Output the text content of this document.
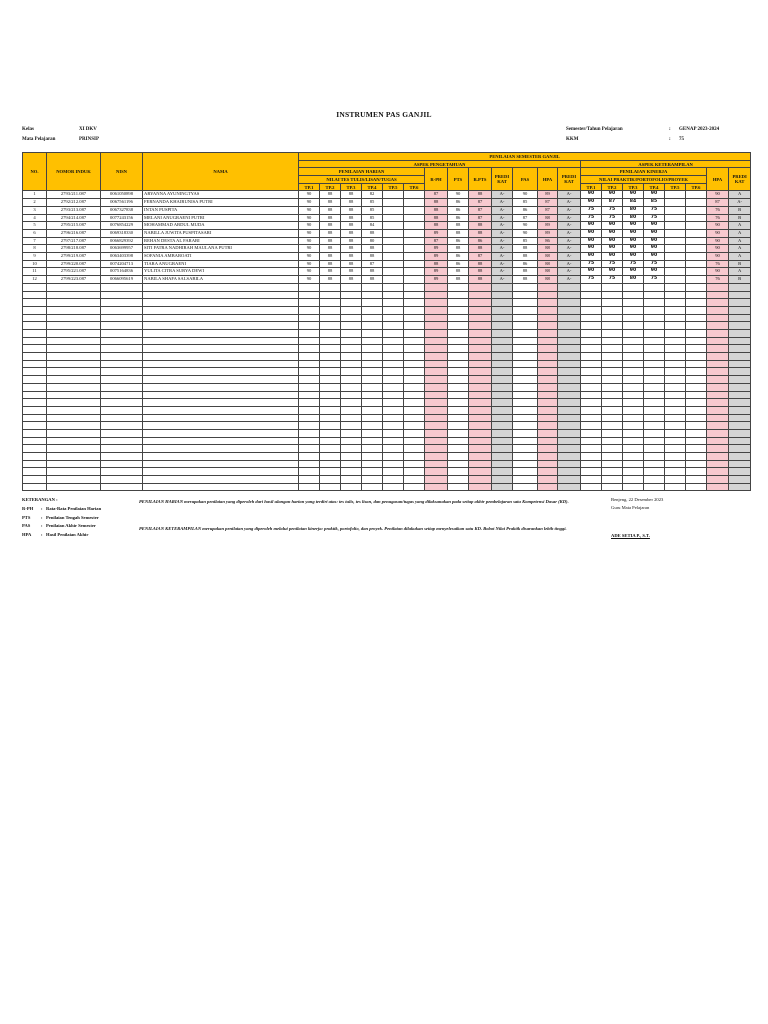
INSTRUMEN PAS GANJIL
Kelas	XI DKV
Mata Pelajaran	PRINSIP
Semester/Tahun Pelajaran	: GENAP 2023-2024
KKM	: 75
NO.	NOMOR INDUK	NISN	NAMA	PENILAIAN SEMESTER GANJIL																				
				ASPEK PENGETAHUAN													ASPEK KETERAMPILAN							
				PENILAIAN HARIAN						R-PH	PTS	R.PTS	PREDI KAT	PAS	HPA	PREDI KAT	PENILAIAN KINERJA						HPA	PREDI KAT
				NILAI TES TULIS/LISAN/TUGAS													NILAI PRAKTIK/PORTOFOLIO/PROYEK							
				TP.1	TP.2	TP.3	TP.4	TP.5	TP.6								TP.1	TP.2	TP.3	TP.4	TP.5	TP.6		
1	2793/211.087	0061050898	ARYANNA AYUNINGTYAS	90	88	88	82			87	90	88	A-	90	89	A-	90	90	90	90			90	A
2	2792/212.087	0067561196	FERNANDA KHAIRUNISA PUTRI	90	88	88	85			88	86	87	A-	85	87	A-	90	87	84	85			87	A-
3	2793/213.087	0067327838	INTAN PUSPITA	90	88	88	85			88	86	87	A-	86	87	A-	75	75	80	75			76	B
4	2794/214.087	0077243156	MELANI ANUGRAENI PUTRI	90	88	88	85			88	86	87	A-	87	88	A-	75	75	80	75			76	B
5	2795/215.087	0076854229	MOHAMMAD ABDUL MUDA	90	88	88	84			88	88	88	A-	90	89	A-	90	90	90	90			90	A
6	2796/216.087	0069318330	NABILLA JUWITA PUSPITASARI	90	88	88	88			89	88	88	A-	90	89	A-	90	90	90	90			90	A
7	2797/217.087	0066829392	REHAN DESTA AL FARABI	90	88	88	80			87	86	86	A-	85	86	A-	90	90	90	90			90	A
8	2798/218.087	0063699957	SITI FATRA NADHIRAH MAULANA PUTRI	90	88	88	88			89	88	88	A-	88	88	A-	90	90	90	90			90	A
9	2799/219.087	0063403398	SOFANIA AMBAROATI	90	88	88	88			89	86	87	A-	88	88	A-	90	90	90	90			90	A
10	2799/220.087	0074204713	TIARA ANUGRAENI	90	88	88	87			88	86	88	A-	86	88	A-	75	75	75	75			76	B
11	2795/221.087	0075164836	YULITA CITRA SURYA DEWI	90	88	88	88			89	88	88	A-	88	88	A-	90	90	90	90			90	A
12	2799/223.087	0066095619	NABILA SHAFA SALSABILA	90	88	88	88			89	88	88	A-	88	88	A-	75	75	80	75			76	B

KETERANGAN :
R-PH : Rata-Rata Penilaian Harian
PTS : Penilaian Tengah Semester
PAS : Penilaian Akhir Semester
HPA : Hasil Penilaian Akhir
PENILAIAN HARIAN merupakan penilaian yang diperoleh dari hasil ulangan harian yang terdiri atas: tes tulis, tes lisan, dan penugasan/tugas yang dilaksanakan pada setiap akhir pembelajaran satu Kompetensi Dasar (KD).
PENILAIAN KETERAMPILAN merupakan penilaian yang diperoleh melalui penilaian kinerja: praktik, portofolio, dan proyek. Penilaian dilakukan setiap menyelesaikan satu KD. Bobot Nilai Praktik disarankan lebih tinggi.
Benjeng, 22 Desember 2023
Guru Mata Pelajaran
ADE SETIA P., S.T.
